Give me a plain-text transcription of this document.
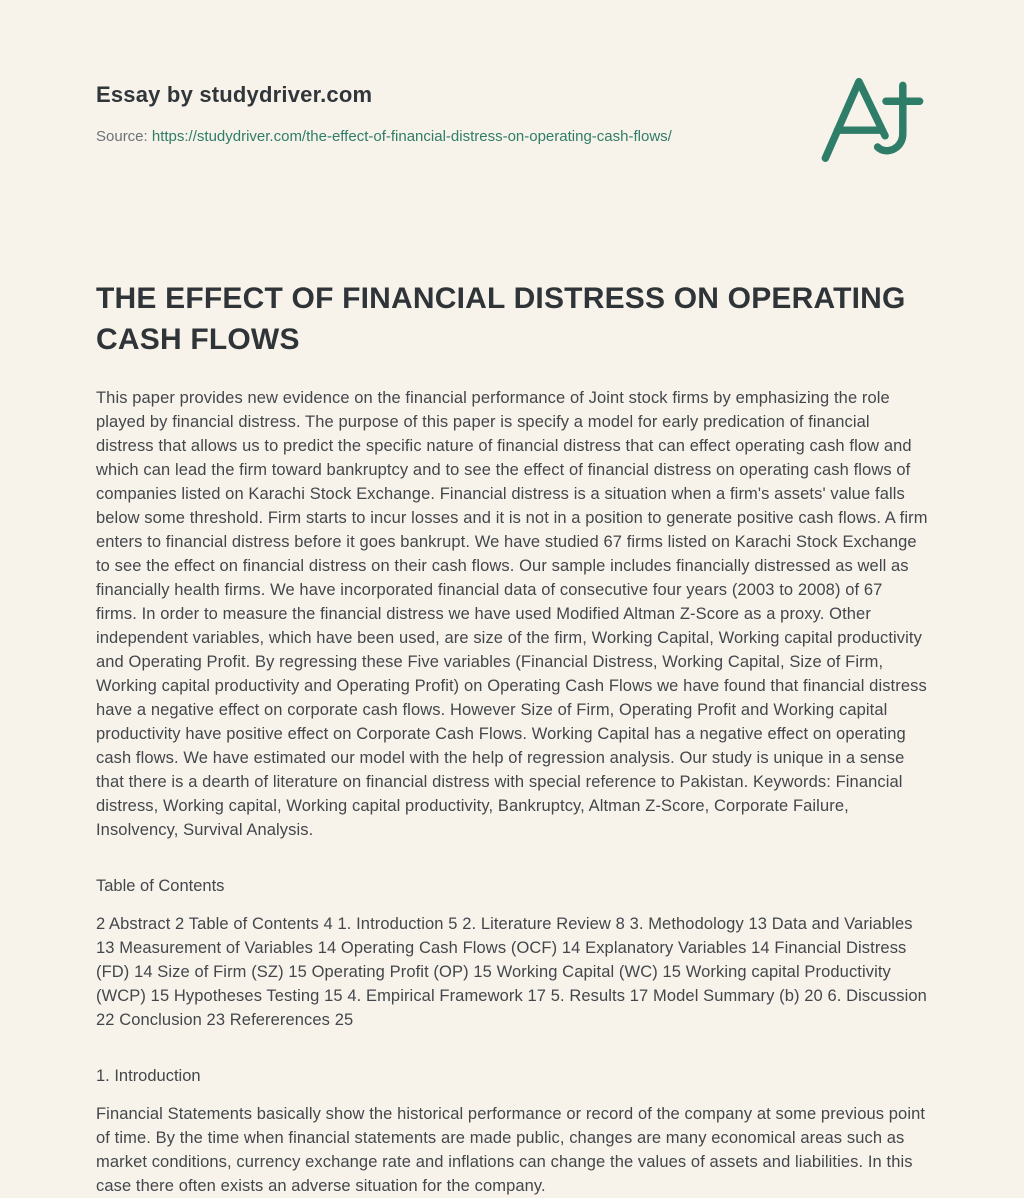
Essay by studydriver.com

Source: https://studydriver.com/the-effect-of-financial-distress-on-operating-cash-flows/

THE EFFECT OF FINANCIAL DISTRESS ON OPERATING CASH FLOWS

This paper provides new evidence on the financial performance of Joint stock firms by emphasizing the role played by financial distress. The purpose of this paper is specify a model for early predication of financial distress that allows us to predict the specific nature of financial distress that can effect operating cash flow and which can lead the firm toward bankruptcy and to see the effect of financial distress on operating cash flows of companies listed on Karachi Stock Exchange. Financial distress is a situation when a firm's assets' value falls below some threshold. Firm starts to incur losses and it is not in a position to generate positive cash flows. A firm enters to financial distress before it goes bankrupt. We have studied 67 firms listed on Karachi Stock Exchange to see the effect on financial distress on their cash flows. Our sample includes financially distressed as well as financially health firms. We have incorporated financial data of consecutive four years (2003 to 2008) of 67 firms. In order to measure the financial distress we have used Modified Altman Z-Score as a proxy. Other independent variables, which have been used, are size of the firm, Working Capital, Working capital productivity and Operating Profit. By regressing these Five variables (Financial Distress, Working Capital, Size of Firm, Working capital productivity and Operating Profit) on Operating Cash Flows we have found that financial distress have a negative effect on corporate cash flows. However Size of Firm, Operating Profit and Working capital productivity have positive effect on Corporate Cash Flows. Working Capital has a negative effect on operating cash flows. We have estimated our model with the help of regression analysis. Our study is unique in a sense that there is a dearth of literature on financial distress with special reference to Pakistan. Keywords: Financial distress, Working capital, Working capital productivity, Bankruptcy, Altman Z-Score, Corporate Failure, Insolvency, Survival Analysis.

Table of Contents

2 Abstract 2 Table of Contents 4 1. Introduction 5 2. Literature Review 8 3. Methodology 13 Data and Variables 13 Measurement of Variables 14 Operating Cash Flows (OCF) 14 Explanatory Variables 14 Financial Distress (FD) 14 Size of Firm (SZ) 15 Operating Profit (OP) 15 Working Capital (WC) 15 Working capital Productivity (WCP) 15 Hypotheses Testing 15 4. Empirical Framework 17 5. Results 17 Model Summary (b) 20 6. Discussion 22 Conclusion 23 Refererences 25

1. Introduction

Financial Statements basically show the historical performance or record of the company at some previous point of time. By the time when financial statements are made public, changes are many economical areas such as market conditions, currency exchange rate and inflations can change the values of assets and liabilities. In this case there often exists an adverse situation for the company.
